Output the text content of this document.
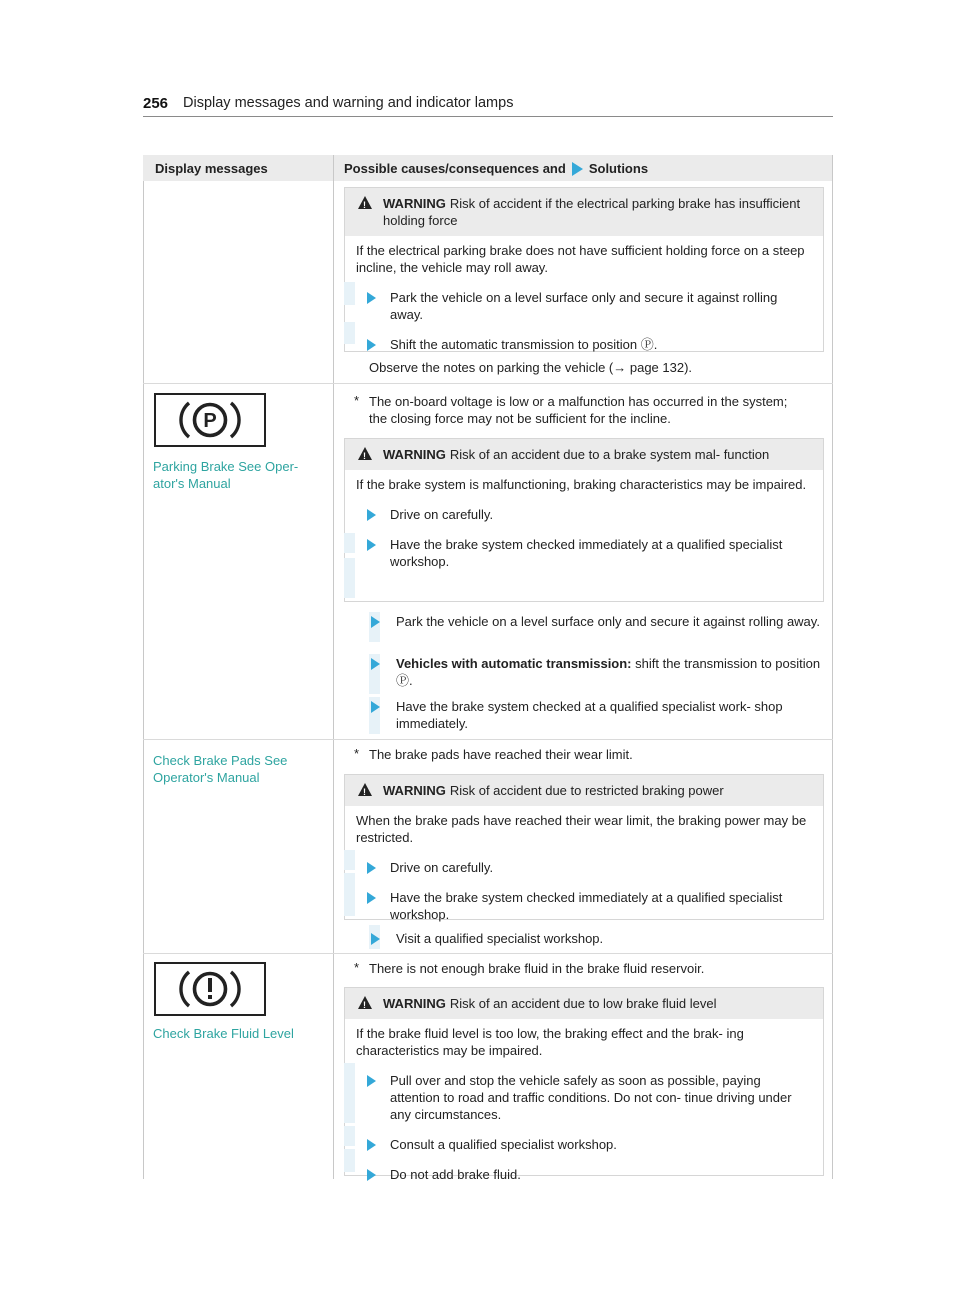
256 Display messages and warning and indicator lamps
Display messages	Possible causes/consequences and Solutions
!
WARNING Risk of accident if the electrical parking brake has insufficient holding force
If the electrical parking brake does not have sufficient holding force on a steep incline, the vehicle may roll away.
Park the vehicle on a level surface only and secure it against rolling away.
Shift the automatic transmission to position Ⓟ.
Observe the notes on parking the vehicle (→ page 132).
P
Parking Brake See Oper- ator's Manual
* The on-board voltage is low or a malfunction has occurred in the system; the closing force may not be sufficient for the incline.
!
WARNING Risk of an accident due to a brake system mal- function
If the brake system is malfunctioning, braking characteristics may be impaired.
Drive on carefully.
Have the brake system checked immediately at a qualified specialist workshop.
Park the vehicle on a level surface only and secure it against rolling away.
Vehicles with automatic transmission: shift the transmission to position Ⓟ.
Have the brake system checked at a qualified specialist work- shop immediately.
Check Brake Pads See Operator's Manual
* The brake pads have reached their wear limit.
!
WARNING Risk of accident due to restricted braking power
When the brake pads have reached their wear limit, the braking power may be restricted.
Drive on carefully.
Have the brake system checked immediately at a qualified specialist workshop.
Visit a qualified specialist workshop.
Check Brake Fluid Level
* There is not enough brake fluid in the brake fluid reservoir.
!
WARNING Risk of an accident due to low brake fluid level
If the brake fluid level is too low, the braking effect and the brak- ing characteristics may be impaired.
Pull over and stop the vehicle safely as soon as possible, paying attention to road and traffic conditions. Do not con- tinue driving under any circumstances.
Consult a qualified specialist workshop.
Do not add brake fluid.
